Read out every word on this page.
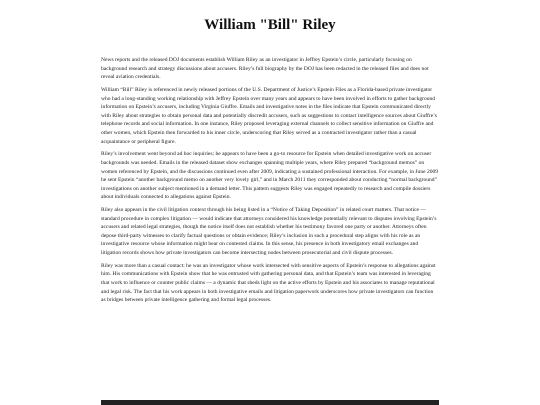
William "Bill" Riley

News reports and the released DOJ documents establish William Riley as an investigator in Jeffrey Epstein’s circle, particularly focusing on background research and strategy discussions about accusers. Riley’s full biography by the DOJ has been redacted in the released files and does not reveal aviation credentials.

William “Bill” Riley is referenced in newly released portions of the U.S. Department of Justice’s Epstein Files as a Florida-based private investigator who had a long-standing working relationship with Jeffrey Epstein over many years and appears to have been involved in efforts to gather background information on Epstein’s accusers, including Virginia Giuffre. Emails and investigative notes in the files indicate that Epstein communicated directly with Riley about strategies to obtain personal data and potentially discredit accusers, such as suggestions to contact intelligence sources about Giuffre’s telephone records and social information. In one instance, Riley proposed leveraging external channels to collect sensitive information on Giuffre and other women, which Epstein then forwarded to his inner circle, underscoring that Riley served as a contracted investigator rather than a casual acquaintance or peripheral figure.

Riley’s involvement went beyond ad hoc inquiries; he appears to have been a go-to resource for Epstein when detailed investigative work on accuser backgrounds was needed. Emails in the released dataset show exchanges spanning multiple years, where Riley prepared “background memos” on women referenced by Epstein, and the discussions continued even after 2009, indicating a sustained professional interaction. For example, in June 2009 he sent Epstein “another background memo on another very lovely girl,” and in March 2011 they corresponded about conducting “normal background” investigations on another subject mentioned in a demand letter. This pattern suggests Riley was engaged repeatedly to research and compile dossiers about individuals connected to allegations against Epstein.

Riley also appears in the civil litigation context through his being listed in a “Notice of Taking Deposition” in related court matters. That notice — standard procedure in complex litigation — would indicate that attorneys considered his knowledge potentially relevant to disputes involving Epstein’s accusers and related legal strategies, though the notice itself does not establish whether his testimony favored one party or another. Attorneys often depose third-party witnesses to clarify factual questions or obtain evidence; Riley’s inclusion in such a procedural step aligns with his role as an investigative resource whose information might bear on contested claims. In this sense, his presence in both investigatory email exchanges and litigation records shows how private investigators can become intersecting nodes between prosecutorial and civil dispute processes.

Riley was more than a casual contact: he was an investigator whose work intersected with sensitive aspects of Epstein’s response to allegations against him. His communications with Epstein show that he was entrusted with gathering personal data, and that Epstein’s team was interested in leveraging that work to influence or counter public claims — a dynamic that sheds light on the active efforts by Epstein and his associates to manage reputational and legal risk. The fact that his work appears in both investigative emails and litigation paperwork underscores how private investigators can function as bridges between private intelligence gathering and formal legal processes.
